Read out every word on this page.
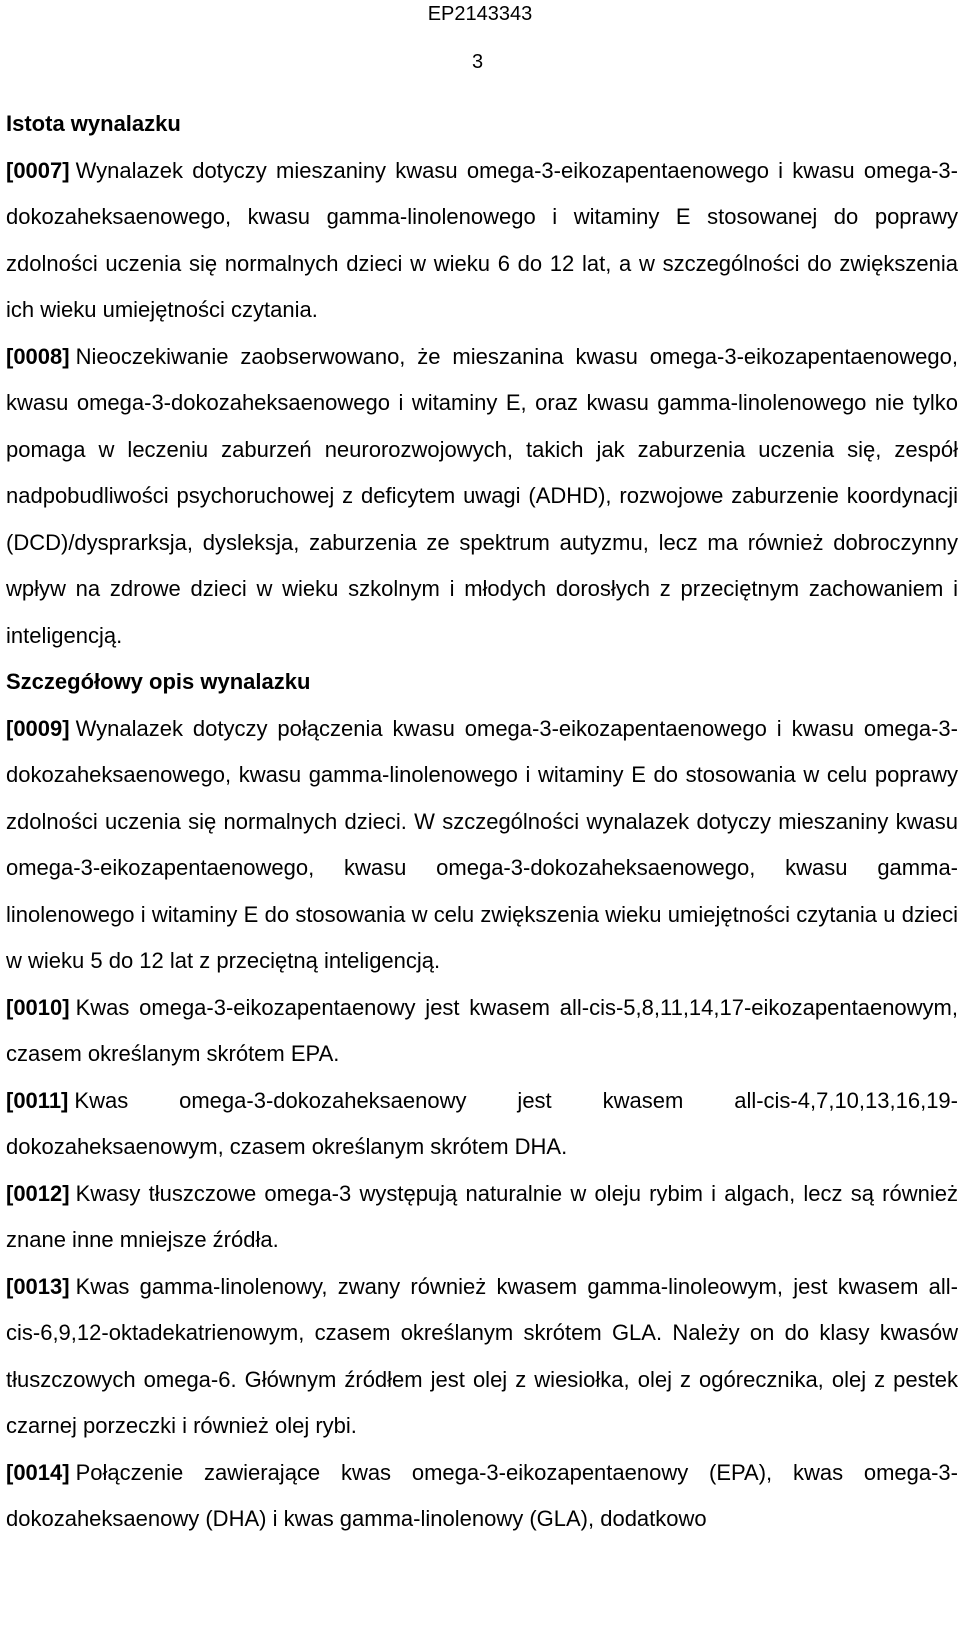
EP2143343
3

Istota wynalazku

[0007] Wynalazek dotyczy mieszaniny kwasu omega-3-eikozapentaenowego i kwasu omega-3-dokozaheksaenowego, kwasu gamma-linolenowego i witaminy E stosowanej do poprawy zdolności uczenia się normalnych dzieci w wieku 6 do 12 lat, a w szczególności do zwiększenia ich wieku umiejętności czytania.

[0008] Nieoczekiwanie zaobserwowano, że mieszanina kwasu omega-3-eikozapentaenowego, kwasu omega-3-dokozaheksaenowego i witaminy E, oraz kwasu gamma-linolenowego nie tylko pomaga w leczeniu zaburzeń neurorozwojowych, takich jak zaburzenia uczenia się, zespół nadpobudliwości psychoruchowej z deficytem uwagi (ADHD), rozwojowe zaburzenie koordynacji (DCD)/dysprarksja, dysleksja, zaburzenia ze spektrum autyzmu, lecz ma również dobroczynny wpływ na zdrowe dzieci w wieku szkolnym i młodych dorosłych z przeciętnym zachowaniem i inteligencją.

Szczegółowy opis wynalazku

[0009] Wynalazek dotyczy połączenia kwasu omega-3-eikozapentaenowego i kwasu omega-3-dokozaheksaenowego, kwasu gamma-linolenowego i witaminy E do stosowania w celu poprawy zdolności uczenia się normalnych dzieci. W szczególności wynalazek dotyczy mieszaniny kwasu omega-3-eikozapentaenowego, kwasu omega-3-dokozaheksaenowego, kwasu gamma-linolenowego i witaminy E do stosowania w celu zwiększenia wieku umiejętności czytania u dzieci w wieku 5 do 12 lat z przeciętną inteligencją.

[0010] Kwas omega-3-eikozapentaenowy jest kwasem all-cis-5,8,11,14,17-eikozapentaenowym, czasem określanym skrótem EPA.

[0011] Kwas omega-3-dokozaheksaenowy jest kwasem all-cis-4,7,10,13,16,19-dokozaheksaenowym, czasem określanym skrótem DHA.

[0012] Kwasy tłuszczowe omega-3 występują naturalnie w oleju rybim i algach, lecz są również znane inne mniejsze źródła.

[0013] Kwas gamma-linolenowy, zwany również kwasem gamma-linoleowym, jest kwasem all-cis-6,9,12-oktadekatrienowym, czasem określanym skrótem GLA. Należy on do klasy kwasów tłuszczowych omega-6. Głównym źródłem jest olej z wiesiołka, olej z ogórecznika, olej z pestek czarnej porzeczki i również olej rybi.

[0014] Połączenie zawierające kwas omega-3-eikozapentaenowy (EPA), kwas omega-3-dokozaheksaenowy (DHA) i kwas gamma-linolenowy (GLA), dodatkowo
